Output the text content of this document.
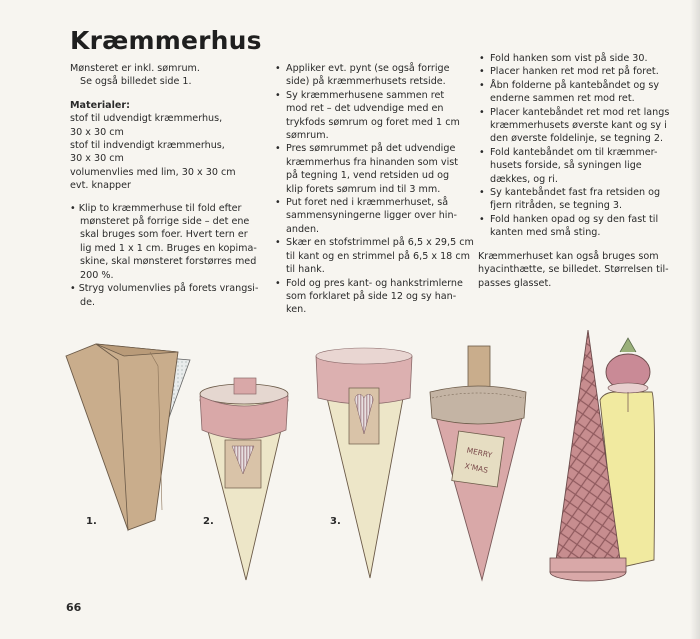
Kræmmerhus
Mønsteret er inkl. sømrum.
Se også billedet side 1.
Materialer:
stof til udvendigt kræmmerhus,
30 x 30 cm
stof til indvendigt kræmmerhus,
30 x 30 cm
volumenvlies med lim, 30 x 30 cm
evt. knapper
• Klip to kræmmerhuse til fold efter
mønsteret på forrige side – det ene
skal bruges som foer. Hvert tern er
lig med 1 x 1 cm. Bruges en kopima-
skine, skal mønsteret forstørres med
200 %.
• Stryg volumenvlies på forets vrangsi-
de.
• Appliker evt. pynt (se også forrige
side) på kræmmerhusets retside.
• Sy kræmmerhusene sammen ret
mod ret – det udvendige med en
trykfods sømrum og foret med 1 cm
sømrum.
• Pres sømrummet på det udvendige
kræmmerhus fra hinanden som vist
på tegning 1, vend retsiden ud og
klip forets sømrum ind til 3 mm.
• Put foret ned i kræmmerhuset, så
sammensyningerne ligger over hin-
anden.
• Skær en stofstrimmel på 6,5 x 29,5 cm
til kant og en strimmel på 6,5 x 18 cm
til hank.
• Fold og pres kant- og hankstrimlerne
som forklaret på side 12 og sy han-
ken.
• Fold hanken som vist på side 30.
• Placer hanken ret mod ret på foret.
• Åbn folderne på kantebåndet og sy
enderne sammen ret mod ret.
• Placer kantebåndet ret mod ret langs
kræmmerhusets øverste kant og sy i
den øverste foldelinje, se tegning 2.
• Fold kantebåndet om til kræmmer-
husets forside, så syningen lige
dækkes, og ri.
• Sy kantebåndet fast fra retsiden og
fjern ritråden, se tegning 3.
• Fold hanken opad og sy den fast til
kanten med små sting.
Kræmmerhuset kan også bruges som
hyacinthætte, se billedet. Størrelsen til-
passes glasset.
MERRY
X'MAS
1.	2.	3.
66
